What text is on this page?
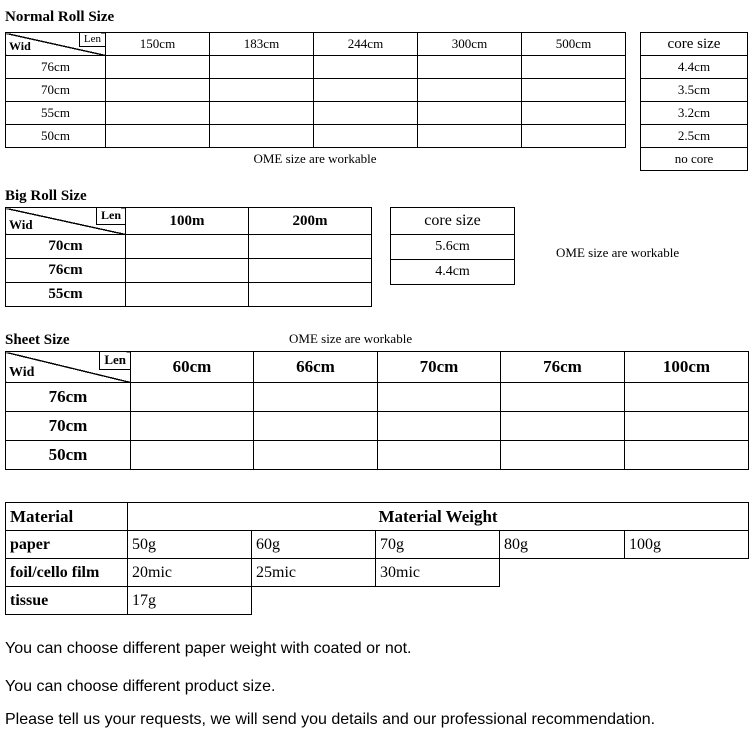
Normal Roll Size
Len
Wid	150cm	183cm	244cm	300cm	500cm
76cm					
70cm					
55cm					
50cm					
OME size are workable
core size
4.4cm
3.5cm
3.2cm
2.5cm
no core
Big Roll Size
Len
Wid	100m	200m
70cm		
76cm		
55cm		
core size
5.6cm
4.4cm
OME size are workable
Sheet Size	OME size are workable
Len
Wid	60cm	66cm	70cm	76cm	100cm
76cm					
70cm					
50cm					
Material	Material Weight				
paper	50g	60g	70g	80g	100g
foil/cello film	20mic	25mic	30mic		
tissue	17g				
You can choose different paper weight with coated or not.
You can choose different product size.
Please tell us your requests, we will send you details and our professional recommendation.
